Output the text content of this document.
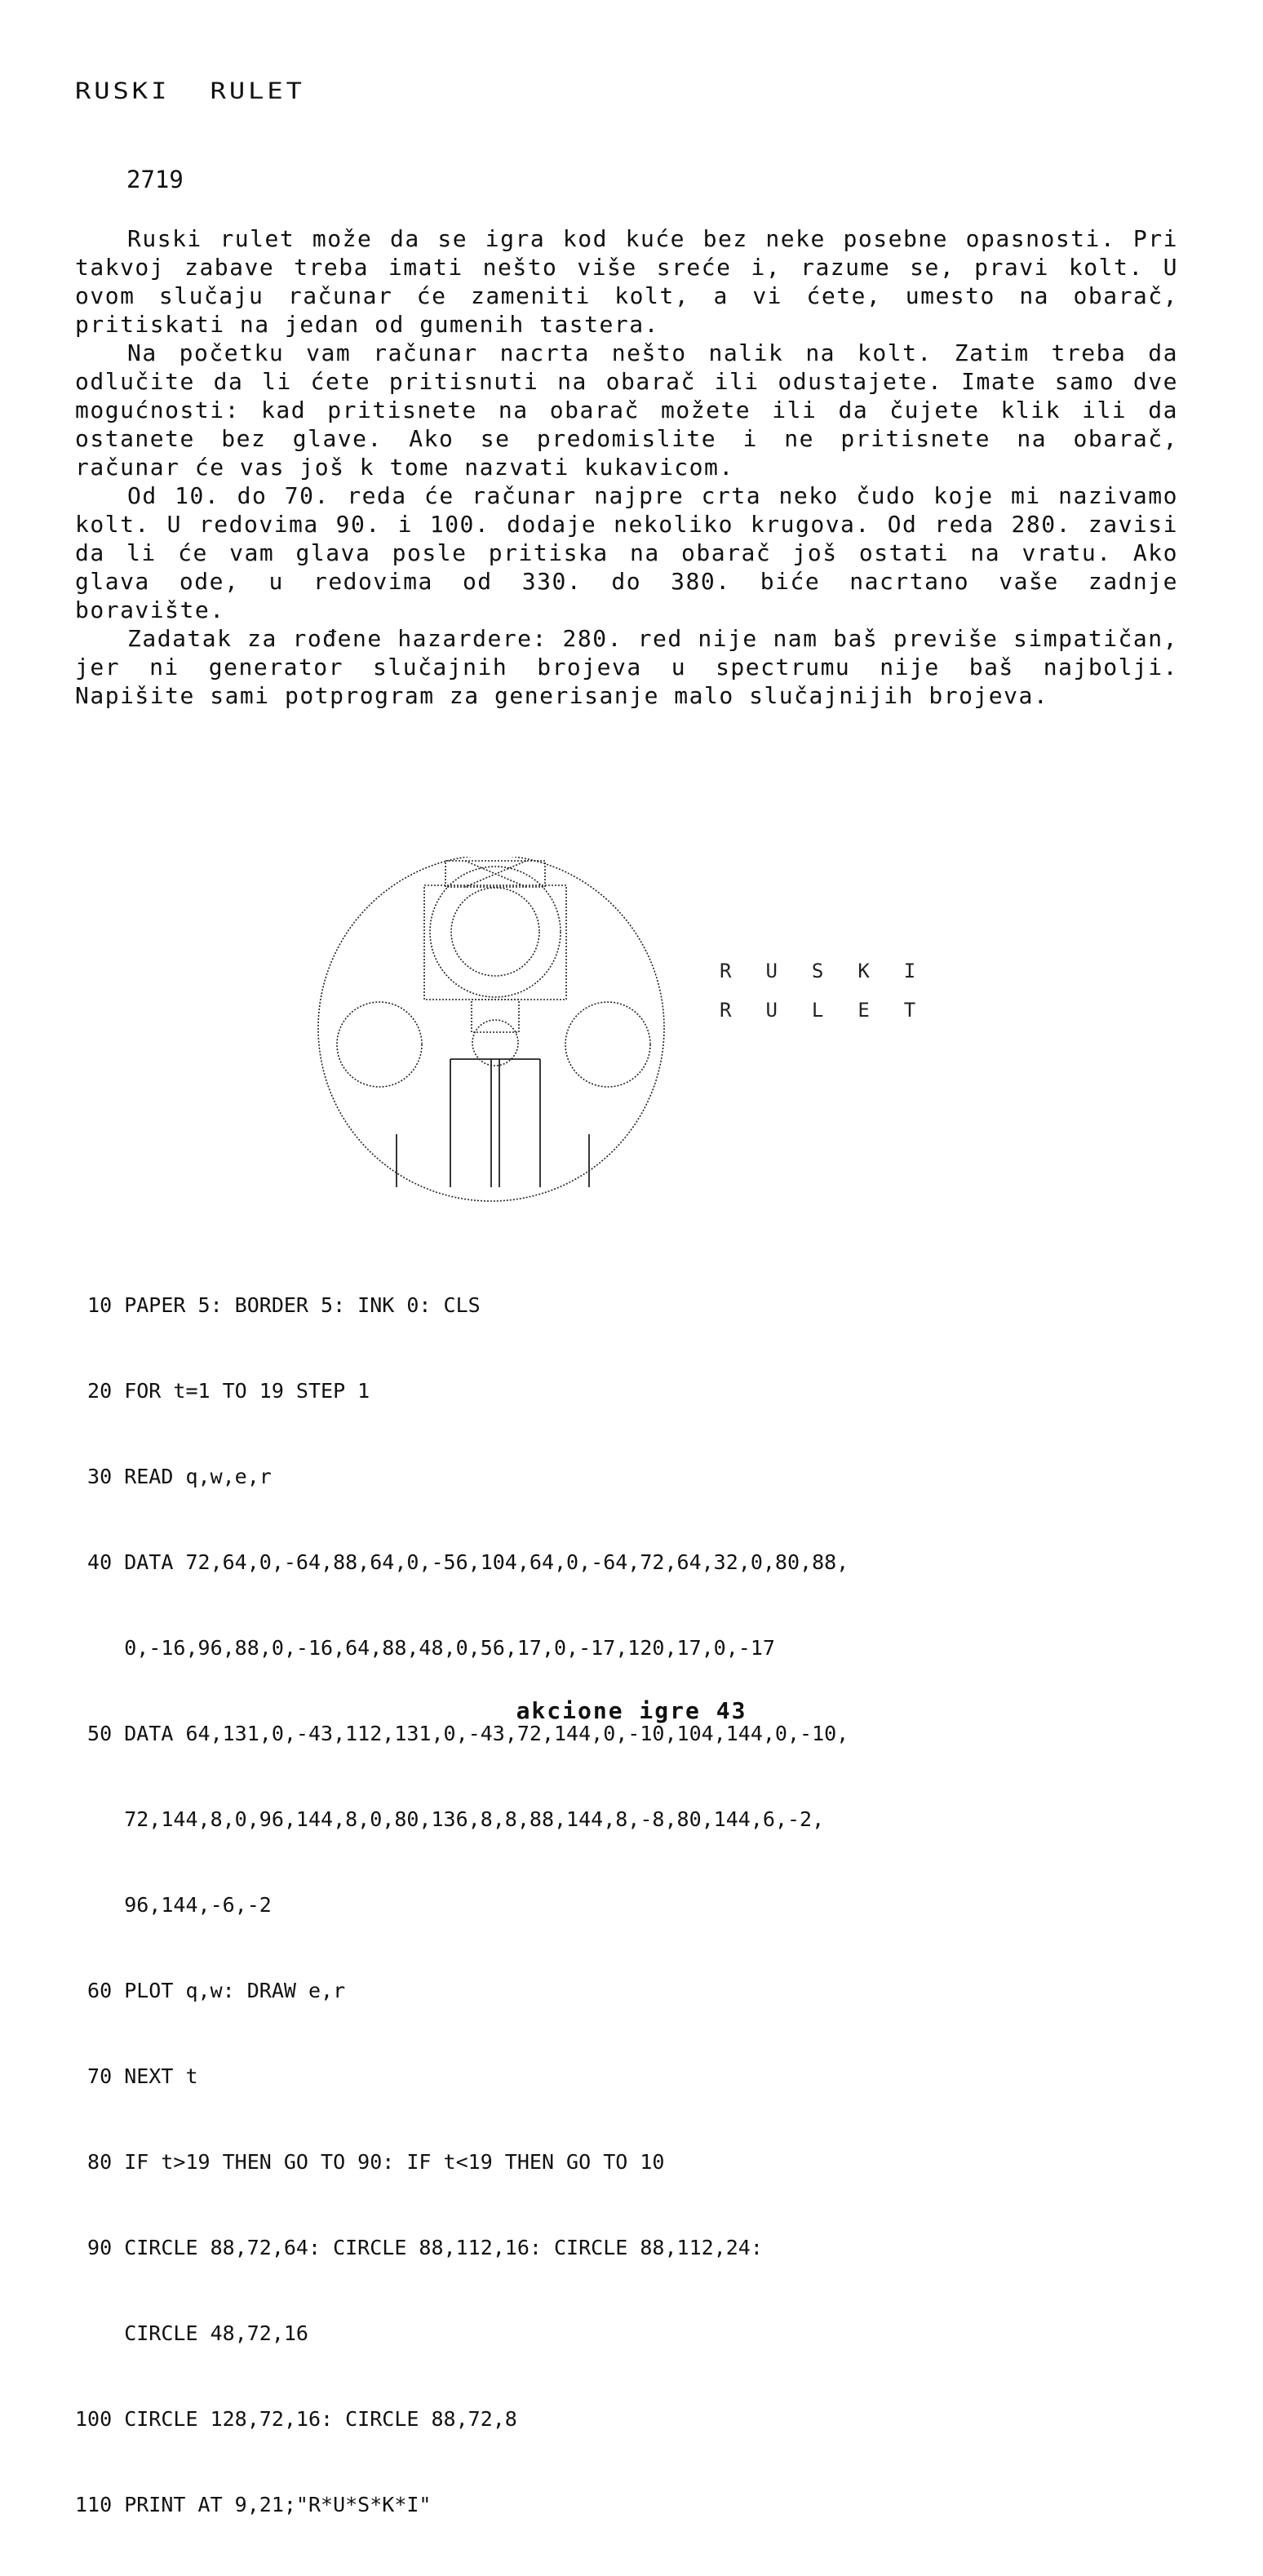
RUSKI RULET
2719

Ruski rulet može da se igra kod kuće bez neke posebne opasnosti. Pri takvoj zabave treba imati nešto više sreće i, razume se, pravi kolt. U ovom slučaju računar će zameniti kolt, a vi ćete, umesto na obarač, pritiskati na jedan od gumenih tastera.

Na početku vam računar nacrta nešto nalik na kolt. Zatim treba da odlučite da li ćete pritisnuti na obarač ili odustajete. Imate samo dve mogućnosti: kad pritisnete na obarač možete ili da čujete klik ili da ostanete bez glave. Ako se predomislite i ne pritisnete na obarač, računar će vas još k tome nazvati kukavicom.

Od 10. do 70. reda će računar najpre crta neko čudo koje mi nazivamo kolt. U redovima 90. i 100. dodaje nekoliko krugova. Od reda 280. zavisi da li će vam glava posle pritiska na obarač još ostati na vratu. Ako glava ode, u redovima od 330. do 380. biće nacrtano vaše zadnje boravište.

Zadatak za rođene hazardere: 280. red nije nam baš previše simpatičan, jer ni generator slučajnih brojeva u spectrumu nije baš najbolji. Napišite sami potprogram za generisanje malo slučajnijih brojeva.

RUSKI
RULET

10 PAPER 5: BORDER 5: INK 0: CLS

20 FOR t=1 TO 19 STEP 1

30 READ q,w,e,r

40 DATA 72,64,0,-64,88,64,0,-56,104,64,0,-64,72,64,32,0,80,88,

0,-16,96,88,0,-16,64,88,48,0,56,17,0,-17,120,17,0,-17

50 DATA 64,131,0,-43,112,131,0,-43,72,144,0,-10,104,144,0,-10,

72,144,8,0,96,144,8,0,80,136,8,8,88,144,8,-8,80,144,6,-2,

96,144,-6,-2

60 PLOT q,w: DRAW e,r

70 NEXT t

80 IF t>19 THEN GO TO 90: IF t<19 THEN GO TO 10

90 CIRCLE 88,72,64: CIRCLE 88,112,16: CIRCLE 88,112,24:

CIRCLE 48,72,16

100 CIRCLE 128,72,16: CIRCLE 88,72,8

110 PRINT AT 9,21;"R*U*S*K*I"

akcione igre 43
